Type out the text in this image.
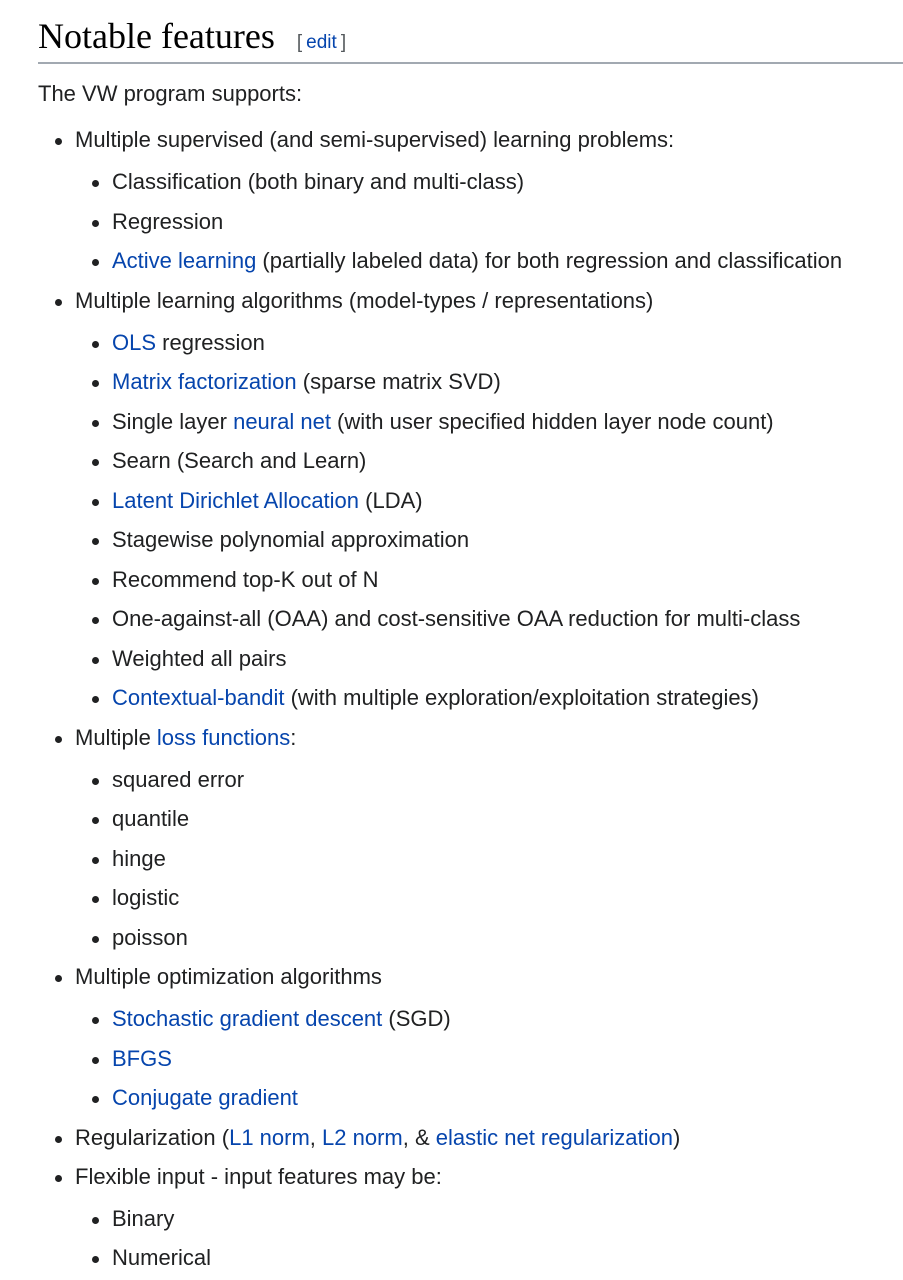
Notable features [ edit ]

The VW program supports:

Multiple supervised (and semi-supervised) learning problems:
Classification (both binary and multi-class)
Regression
Active learning (partially labeled data) for both regression and classification
Multiple learning algorithms (model-types / representations)
OLS regression
Matrix factorization (sparse matrix SVD)
Single layer neural net (with user specified hidden layer node count)
Searn (Search and Learn)
Latent Dirichlet Allocation (LDA)
Stagewise polynomial approximation
Recommend top-K out of N
One-against-all (OAA) and cost-sensitive OAA reduction for multi-class
Weighted all pairs
Contextual-bandit (with multiple exploration/exploitation strategies)
Multiple loss functions:
squared error
quantile
hinge
logistic
poisson
Multiple optimization algorithms
Stochastic gradient descent (SGD)
BFGS
Conjugate gradient
Regularization (L1 norm, L2 norm, & elastic net regularization)
Flexible input - input features may be:
Binary
Numerical
